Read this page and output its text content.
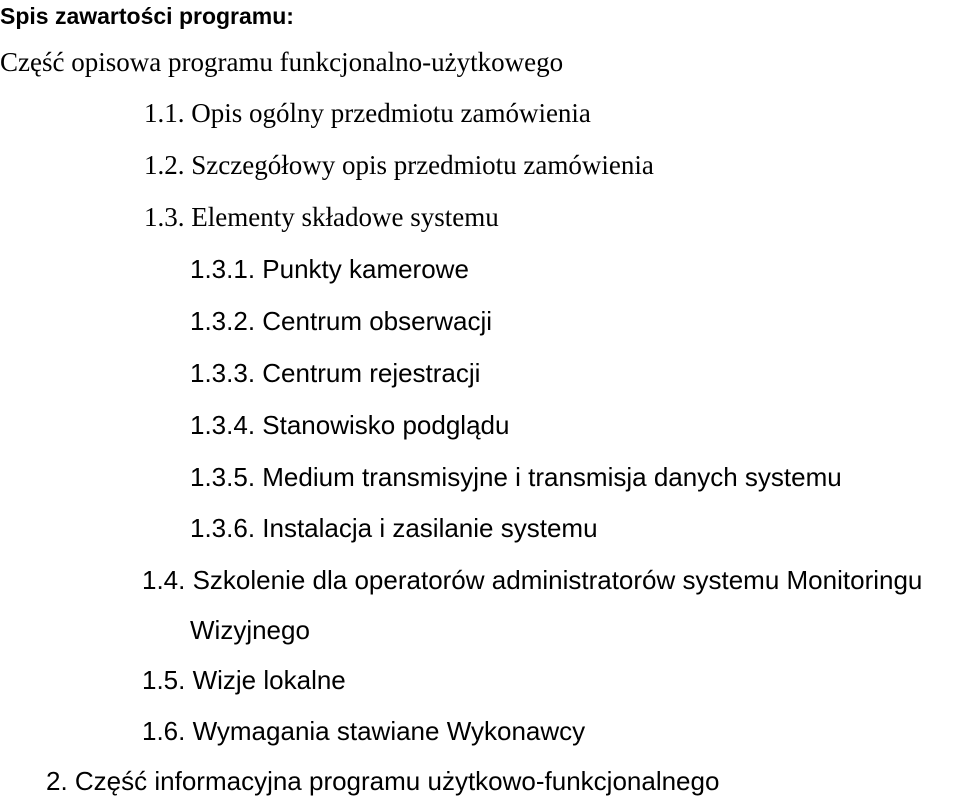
Spis zawartości programu:
Część opisowa programu funkcjonalno-użytkowego
1.1. Opis ogólny przedmiotu zamówienia
1.2. Szczegółowy opis przedmiotu zamówienia
1.3. Elementy składowe systemu
1.3.1. Punkty kamerowe
1.3.2. Centrum obserwacji
1.3.3. Centrum rejestracji
1.3.4. Stanowisko podglądu
1.3.5. Medium transmisyjne i transmisja danych systemu
1.3.6. Instalacja i zasilanie systemu
1.4. Szkolenie dla operatorów administratorów systemu Monitoringu
Wizyjnego
1.5. Wizje lokalne
1.6. Wymagania stawiane Wykonawcy
2. Część informacyjna programu użytkowo-funkcjonalnego
